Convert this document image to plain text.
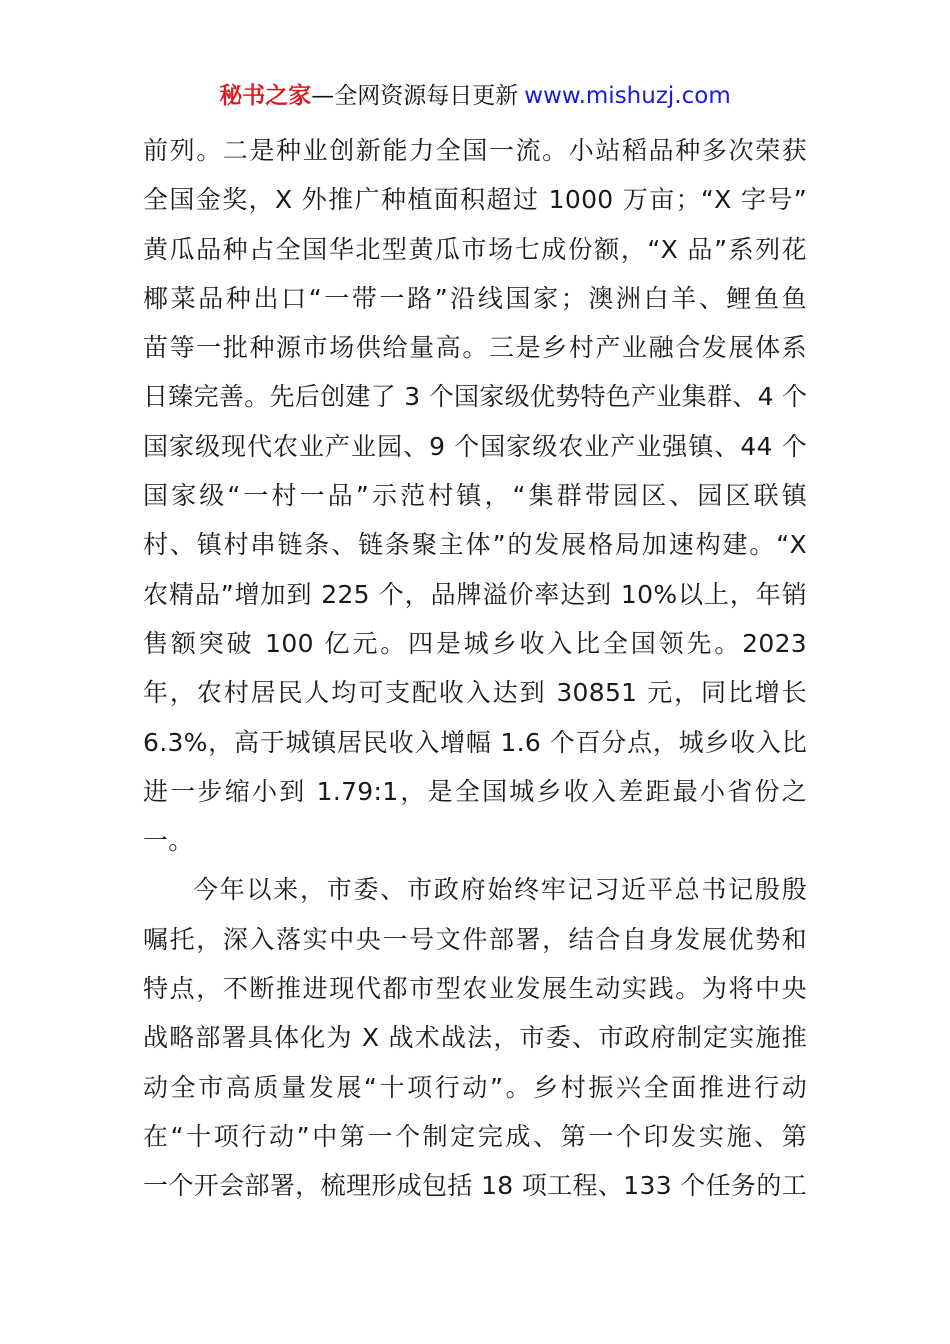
秘书之家—全网资源每日更新 www.mishuzj.com
前列。二是种业创新能力全国一流。小站稻品种多次荣获
全国金奖，X 外推广种植面积超过 1000 万亩；“X 字号”
黄瓜品种占全国华北型黄瓜市场七成份额，“X 品”系列花
椰菜品种出口“一带一路”沿线国家；澳洲白羊、鲤鱼鱼
苗等一批种源市场供给量高。三是乡村产业融合发展体系
日臻完善。先后创建了 3 个国家级优势特色产业集群、4 个
国家级现代农业产业园、9 个国家级农业产业强镇、44 个
国家级“一村一品”示范村镇，“集群带园区、园区联镇
村、镇村串链条、链条聚主体”的发展格局加速构建。“X
农精品”增加到 225 个，品牌溢价率达到 10%以上，年销
售额突破 100 亿元。四是城乡收入比全国领先。2023
年，农村居民人均可支配收入达到 30851 元，同比增长
6.3%，高于城镇居民收入增幅 1.6 个百分点，城乡收入比
进一步缩小到 1.79:1，是全国城乡收入差距最小省份之
一。
今年以来，市委、市政府始终牢记习近平总书记殷殷
嘱托，深入落实中央一号文件部署，结合自身发展优势和
特点，不断推进现代都市型农业发展生动实践。为将中央
战略部署具体化为 X 战术战法，市委、市政府制定实施推
动全市高质量发展“十项行动”。乡村振兴全面推进行动
在“十项行动”中第一个制定完成、第一个印发实施、第
一个开会部署，梳理形成包括 18 项工程、133 个任务的工
